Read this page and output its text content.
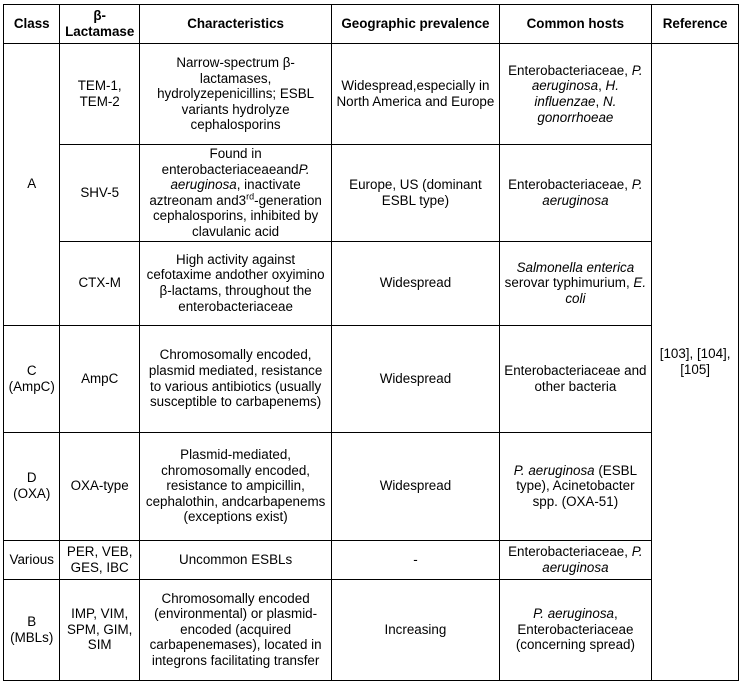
Class	β-Lactamase	Characteristics	Geographic prevalence	Common hosts	Reference
A	TEM-1, TEM-2	Narrow-spectrum β-lactamases, hydrolyzepenicillins; ESBL variants hydrolyze cephalosporins	Widespread,especially in North America and Europe	Enterobacteriaceae, P. aeruginosa, H. influenzae, N. gonorrhoeae	[103], [104], [105]
	SHV-5	Found in enterobacteriaceaeandP. aeruginosa, inactivate aztreonam and3rd-generation cephalosporins, inhibited by clavulanic acid	Europe, US (dominant ESBL type)	Enterobacteriaceae, P. aeruginosa	
	CTX-M	High activity against cefotaxime andother oxyimino β-lactams, throughout the enterobacteriaceae	Widespread	Salmonella enterica serovar typhimurium, E. coli	
C (AmpC)	AmpC	Chromosomally encoded, plasmid mediated, resistance to various antibiotics (usually susceptible to carbapenems)	Widespread	Enterobacteriaceae and other bacteria	
D (OXA)	OXA-type	Plasmid-mediated, chromosomally encoded, resistance to ampicillin, cephalothin, andcarbapenems (exceptions exist)	Widespread	P. aeruginosa (ESBL type), Acinetobacter spp. (OXA-51)	
Various	PER, VEB, GES, IBC	Uncommon ESBLs	-	Enterobacteriaceae, P. aeruginosa	
B (MBLs)	IMP, VIM, SPM, GIM, SIM	Chromosomally encoded (environmental) or plasmid-encoded (acquired carbapenemases), located in integrons facilitating transfer	Increasing	P. aeruginosa, Enterobacteriaceae (concerning spread)	
